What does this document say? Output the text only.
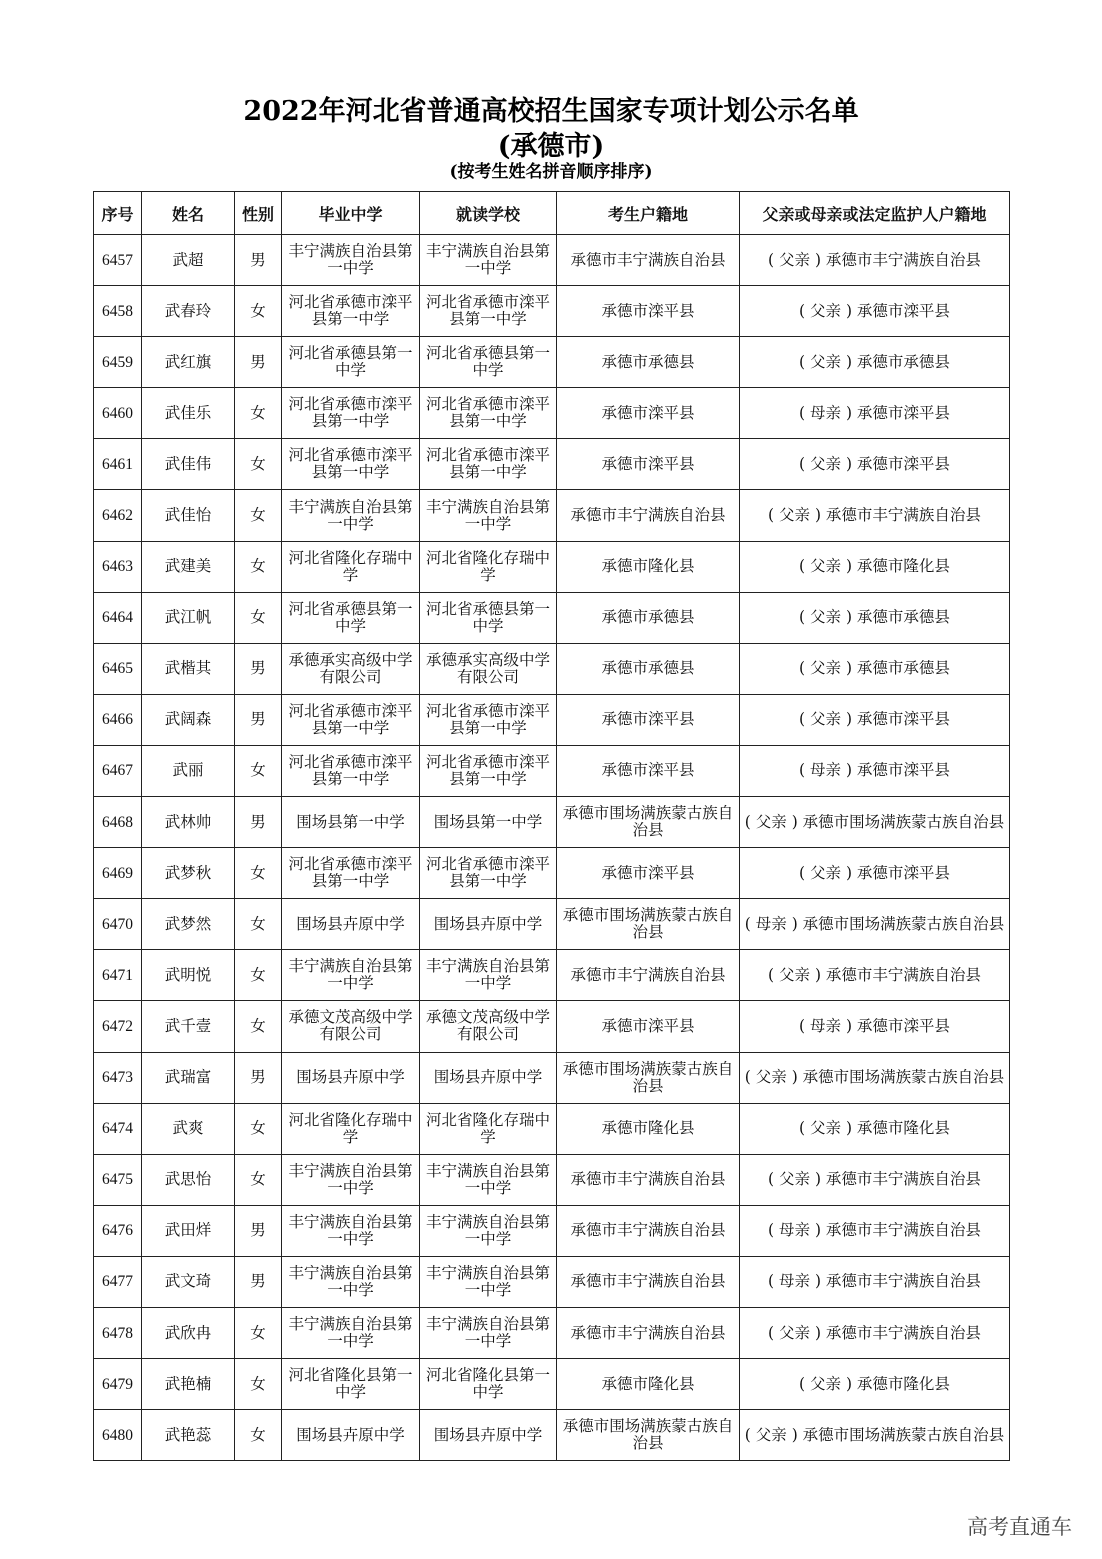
2022年河北省普通高校招生国家专项计划公示名单
(承德市)
(按考生姓名拼音顺序排序)
序号	姓名	性别	毕业中学	就读学校	考生户籍地	父亲或母亲或法定监护人户籍地
6457	武超	男	丰宁满族自治县第一中学	丰宁满族自治县第一中学	承德市丰宁满族自治县	( 父亲 ) 承德市丰宁满族自治县
6458	武春玲	女	河北省承德市滦平县第一中学	河北省承德市滦平县第一中学	承德市滦平县	( 父亲 ) 承德市滦平县
6459	武红旗	男	河北省承德县第一中学	河北省承德县第一中学	承德市承德县	( 父亲 ) 承德市承德县
6460	武佳乐	女	河北省承德市滦平县第一中学	河北省承德市滦平县第一中学	承德市滦平县	( 母亲 ) 承德市滦平县
6461	武佳伟	女	河北省承德市滦平县第一中学	河北省承德市滦平县第一中学	承德市滦平县	( 父亲 ) 承德市滦平县
6462	武佳怡	女	丰宁满族自治县第一中学	丰宁满族自治县第一中学	承德市丰宁满族自治县	( 父亲 ) 承德市丰宁满族自治县
6463	武建美	女	河北省隆化存瑞中学	河北省隆化存瑞中学	承德市隆化县	( 父亲 ) 承德市隆化县
6464	武江帆	女	河北省承德县第一中学	河北省承德县第一中学	承德市承德县	( 父亲 ) 承德市承德县
6465	武楷其	男	承德承实高级中学有限公司	承德承实高级中学有限公司	承德市承德县	( 父亲 ) 承德市承德县
6466	武阔森	男	河北省承德市滦平县第一中学	河北省承德市滦平县第一中学	承德市滦平县	( 父亲 ) 承德市滦平县
6467	武丽	女	河北省承德市滦平县第一中学	河北省承德市滦平县第一中学	承德市滦平县	( 母亲 ) 承德市滦平县
6468	武林帅	男	围场县第一中学	围场县第一中学	承德市围场满族蒙古族自治县	( 父亲 ) 承德市围场满族蒙古族自治县
6469	武梦秋	女	河北省承德市滦平县第一中学	河北省承德市滦平县第一中学	承德市滦平县	( 父亲 ) 承德市滦平县
6470	武梦然	女	围场县卉原中学	围场县卉原中学	承德市围场满族蒙古族自治县	( 母亲 ) 承德市围场满族蒙古族自治县
6471	武明悦	女	丰宁满族自治县第一中学	丰宁满族自治县第一中学	承德市丰宁满族自治县	( 父亲 ) 承德市丰宁满族自治县
6472	武千壹	女	承德文茂高级中学有限公司	承德文茂高级中学有限公司	承德市滦平县	( 母亲 ) 承德市滦平县
6473	武瑞富	男	围场县卉原中学	围场县卉原中学	承德市围场满族蒙古族自治县	( 父亲 ) 承德市围场满族蒙古族自治县
6474	武爽	女	河北省隆化存瑞中学	河北省隆化存瑞中学	承德市隆化县	( 父亲 ) 承德市隆化县
6475	武思怡	女	丰宁满族自治县第一中学	丰宁满族自治县第一中学	承德市丰宁满族自治县	( 父亲 ) 承德市丰宁满族自治县
6476	武田烊	男	丰宁满族自治县第一中学	丰宁满族自治县第一中学	承德市丰宁满族自治县	( 母亲 ) 承德市丰宁满族自治县
6477	武文琦	男	丰宁满族自治县第一中学	丰宁满族自治县第一中学	承德市丰宁满族自治县	( 母亲 ) 承德市丰宁满族自治县
6478	武欣冉	女	丰宁满族自治县第一中学	丰宁满族自治县第一中学	承德市丰宁满族自治县	( 父亲 ) 承德市丰宁满族自治县
6479	武艳楠	女	河北省隆化县第一中学	河北省隆化县第一中学	承德市隆化县	( 父亲 ) 承德市隆化县
6480	武艳蕊	女	围场县卉原中学	围场县卉原中学	承德市围场满族蒙古族自治县	( 父亲 ) 承德市围场满族蒙古族自治县
高考直通车
